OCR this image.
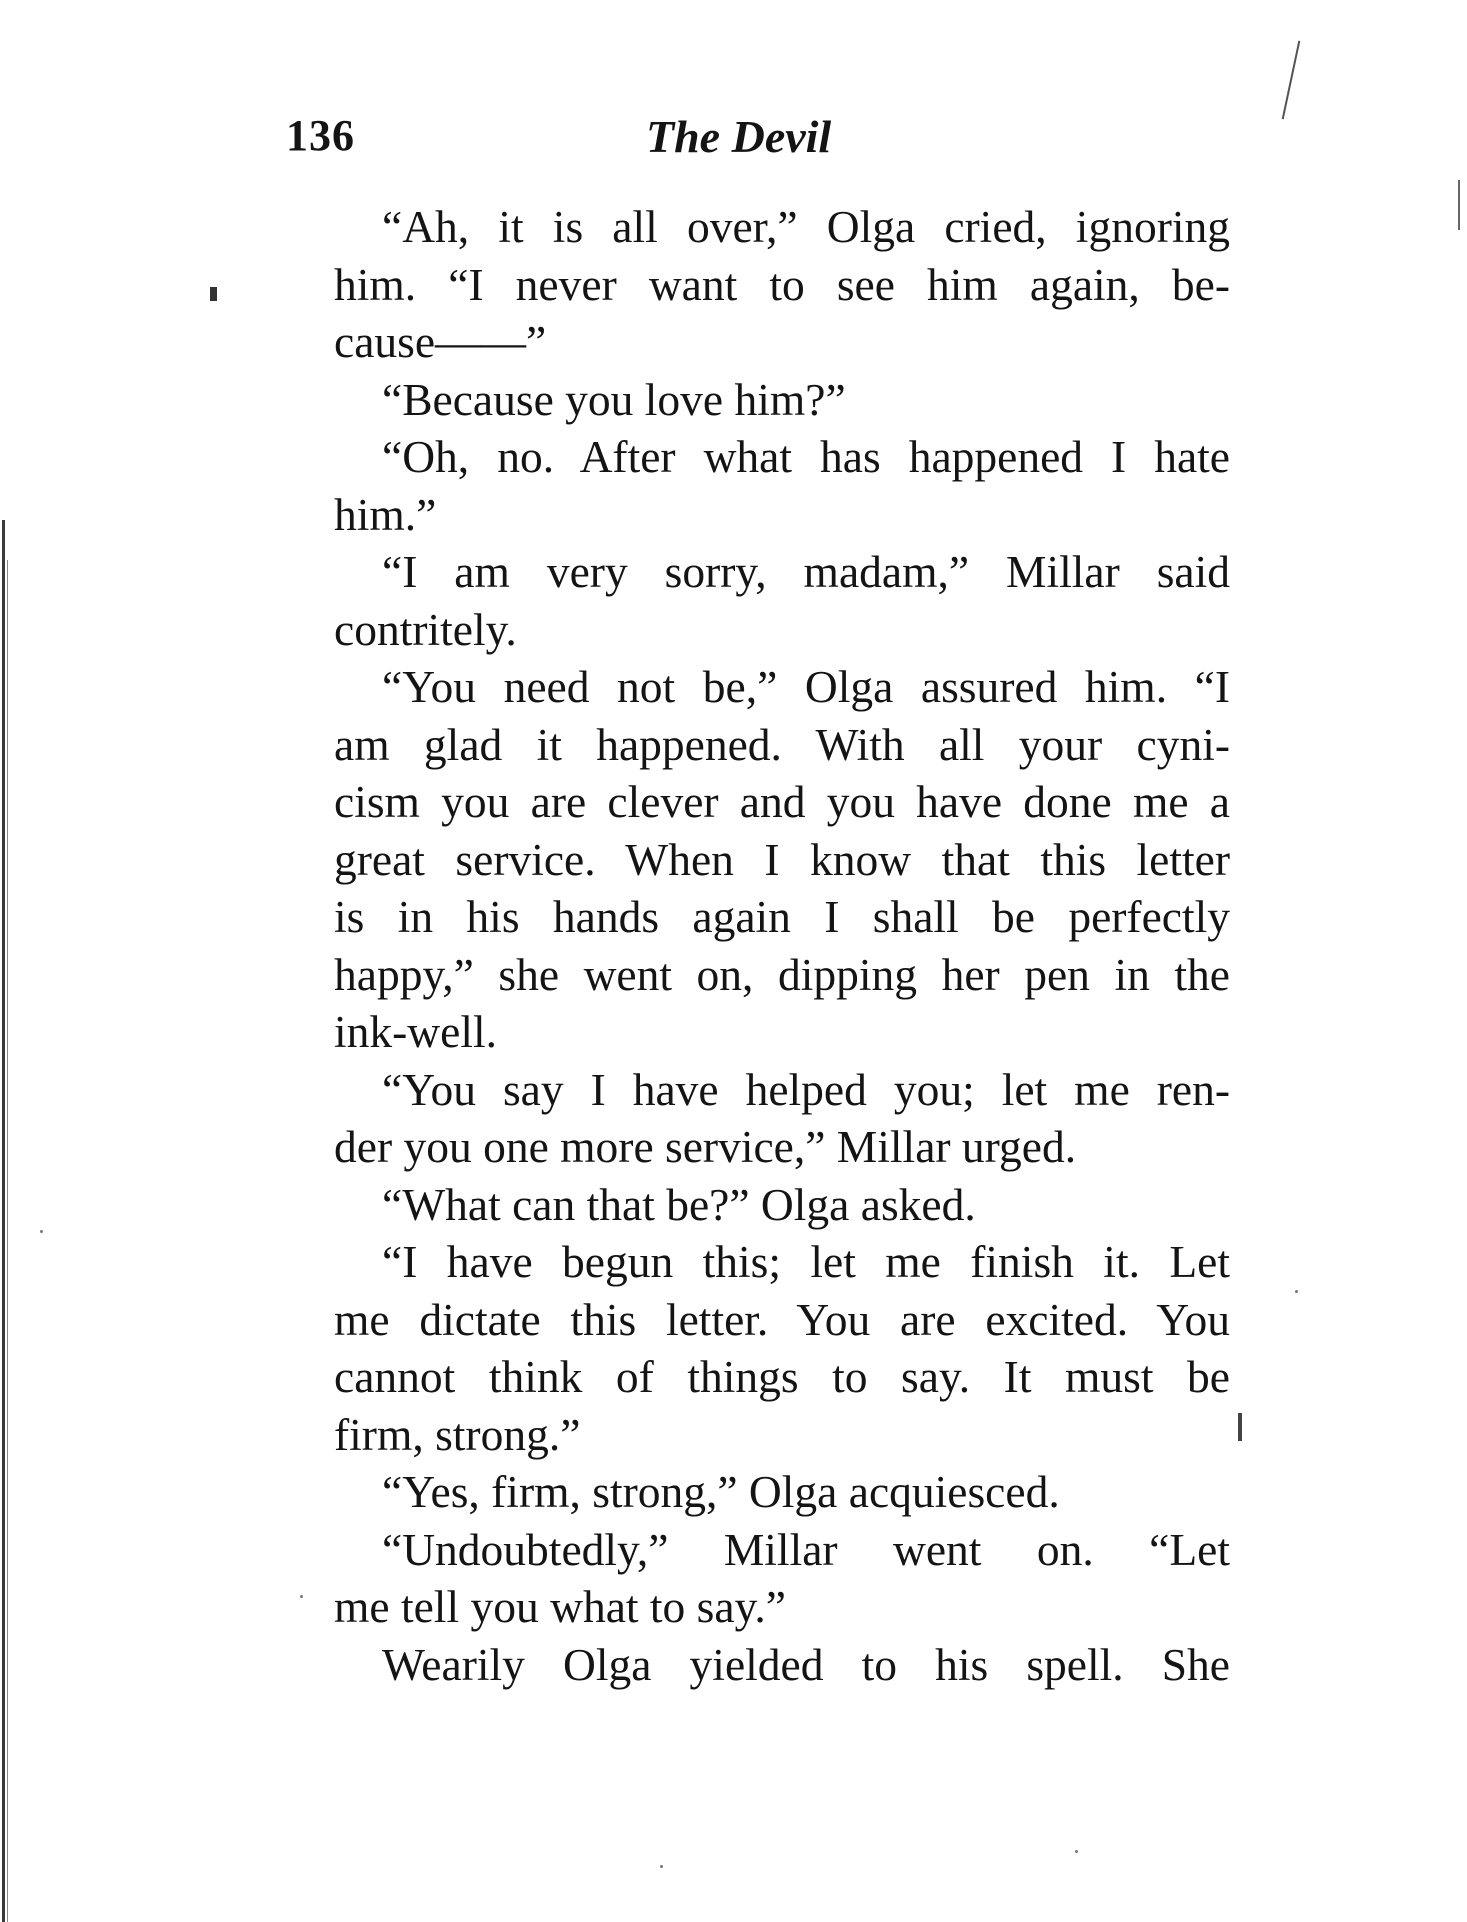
136	The Devil

“Ah, it is all over,” Olga cried, ignoring
him. “I never want to see him again, be-
cause——”

“Because you love him?”

“Oh, no. After what has happened I hate
him.”

“I am very sorry, madam,” Millar said
contritely.

“You need not be,” Olga assured him. “I
am glad it happened. With all your cyni-
cism you are clever and you have done me a
great service. When I know that this letter
is in his hands again I shall be perfectly
happy,” she went on, dipping her pen in the
ink-well.

“You say I have helped you; let me ren-
der you one more service,” Millar urged.

“What can that be?” Olga asked.

“I have begun this; let me finish it. Let
me dictate this letter. You are excited. You
cannot think of things to say. It must be
firm, strong.”

“Yes, firm, strong,” Olga acquiesced.

“Undoubtedly,” Millar went on. “Let
me tell you what to say.”

Wearily Olga yielded to his spell. She
